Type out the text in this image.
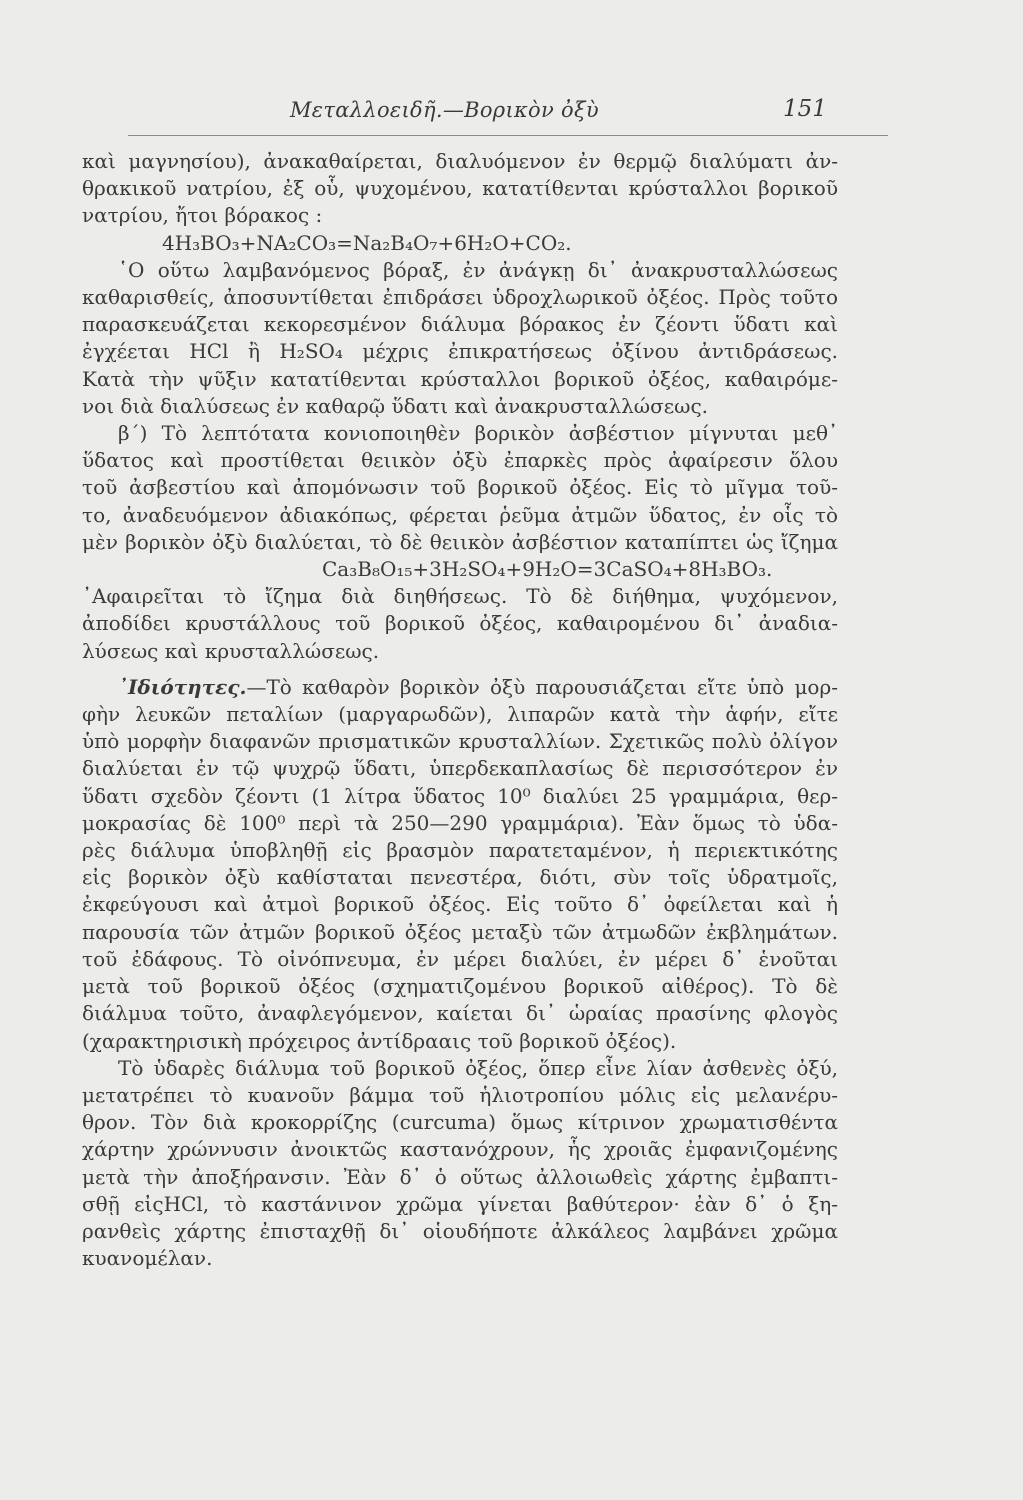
Μεταλλοειδῆ.—Βορικὸν ὀξὺ	151

καὶ μαγνησίου), ἀνακαθαίρεται, διαλυόμενον ἐν θερμῷ διαλύματι ἀν-
θρακικοῦ νατρίου, ἐξ οὗ, ψυχομένου, κατατίθενται κρύσταλλοι βορικοῦ
νατρίου, ἤτοι βόρακος :

4H₃BO₃+NA₂CO₃=Na₂B₄O₇+6H₂O+CO₂.

῾Ο οὕτω λαμβανόμενος βόραξ, ἐν ἀνάγκῃ δι᾽ ἀνακρυσταλλώσεως
καθαρισθείς, ἀποσυντίθεται ἐπιδράσει ὑδροχλωρικοῦ ὀξέος. Πρὸς τοῦτο
παρασκευάζεται κεκορεσμένον διάλυμα βόρακος ἐν ζέοντι ὕδατι καὶ
ἐγχέεται HCl ἢ H₂SO₄ μέχρις ἐπικρατήσεως ὀξίνου ἀντιδράσεως.
Κατὰ τὴν ψῦξιν κατατίθενται κρύσταλλοι βορικοῦ ὀξέος, καθαιρόμε-
νοι διὰ διαλύσεως ἐν καθαρῷ ὕδατι καὶ ἀνακρυσταλλώσεως.

β΄) Τὸ λεπτότατα κονιοποιηθὲν βορικὸν ἀσβέστιον μίγνυται μεθ᾽
ὕδατος καὶ προστίθεται θειικὸν ὀξὺ ἐπαρκὲς πρὸς ἀφαίρεσιν ὅλου
τοῦ ἀσβεστίου καὶ ἀπομόνωσιν τοῦ βορικοῦ ὀξέος. Εἰς τὸ μῖγμα τοῦ-
το, ἀναδευόμενον ἀδιακόπως, φέρεται ῥεῦμα ἀτμῶν ὕδατος, ἐν οἷς τὸ
μὲν βορικὸν ὀξὺ διαλύεται, τὸ δὲ θειικὸν ἀσβέστιον καταπίπτει ὡς ἴζημα

Ca₃B₈O₁₅+3H₂SO₄+9H₂O=3CaSO₄+8H₃BO₃.

᾿Αφαιρεῖται τὸ ἴζημα διὰ διηθήσεως. Τὸ δὲ διήθημα, ψυχόμενον,
ἀποδίδει κρυστάλλους τοῦ βορικοῦ ὀξέος, καθαιρομένου δι᾽ ἀναδια-
λύσεως καὶ κρυσταλλώσεως.

᾿Ιδιότητες.—Τὸ καθαρὸν βορικὸν ὀξὺ παρουσιάζεται εἴτε ὑπὸ μορ-
φὴν λευκῶν πεταλίων (μαργαρωδῶν), λιπαρῶν κατὰ τὴν ἁφήν, εἴτε
ὑπὸ μορφὴν διαφανῶν πρισματικῶν κρυσταλλίων. Σχετικῶς πολὺ ὀλίγον
διαλύεται ἐν τῷ ψυχρῷ ὕδατι, ὑπερδεκαπλασίως δὲ περισσότερον ἐν
ὕδατι σχεδὸν ζέοντι (1 λίτρα ὕδατος 10⁰ διαλύει 25 γραμμάρια, θερ-
μοκρασίας δὲ 100⁰ περὶ τὰ 250—290 γραμμάρια). Ἐὰν ὅμως τὸ ὑδα-
ρὲς διάλυμα ὑποβληθῇ εἰς βρασμὸν παρατεταμένον, ἡ περιεκτικότης
εἰς βορικὸν ὀξὺ καθίσταται πενεστέρα, διότι, σὺν τοῖς ὑδρατμοῖς,
ἐκφεύγουσι καὶ ἀτμοὶ βορικοῦ ὀξέος. Εἰς τοῦτο δ᾽ ὀφείλεται καὶ ἡ
παρουσία τῶν ἀτμῶν βορικοῦ ὀξέος μεταξὺ τῶν ἀτμωδῶν ἐκβλημάτων.
τοῦ ἐδάφους. Τὸ οἰνόπνευμα, ἐν μέρει διαλύει, ἐν μέρει δ᾽ ἑνοῦται
μετὰ τοῦ βορικοῦ ὀξέος (σχηματιζομένου βορικοῦ αἰθέρος). Τὸ δὲ
διάλμυα τοῦτο, ἀναφλεγόμενον, καίεται δι᾽ ὡραίας πρασίνης φλογὸς
(χαρακτηρισικὴ πρόχειρος ἀντίδρααις τοῦ βορικοῦ ὀξέος).

Τὸ ὑδαρὲς διάλυμα τοῦ βορικοῦ ὀξέος, ὅπερ εἶνε λίαν ἀσθενὲς ὀξύ,
μετατρέπει τὸ κυανοῦν βάμμα τοῦ ἡλιοτροπίου μόλις εἰς μελανέρυ-
θρον. Τὸν διὰ κροκορρίζης (curcuma) ὅμως κίτρινον χρωματισθέντα
χάρτην χρώννυσιν ἀνοικτῶς καστανόχρουν, ἧς χροιᾶς ἐμφανιζομένης
μετὰ τὴν ἀποξήρανσιν. Ἐὰν δ᾽ ὁ οὕτως ἀλλοιωθεὶς χάρτης ἐμβαπτι-
σθῇ εἰςHCl, τὸ καστάνινον χρῶμα γίνεται βαθύτερον· ἐὰν δ᾽ ὁ ξη-
ρανθεὶς χάρτης ἐπισταχθῇ δι᾽ οἱουδήποτε ἀλκάλεος λαμβάνει χρῶμα
κυανομέλαν.
